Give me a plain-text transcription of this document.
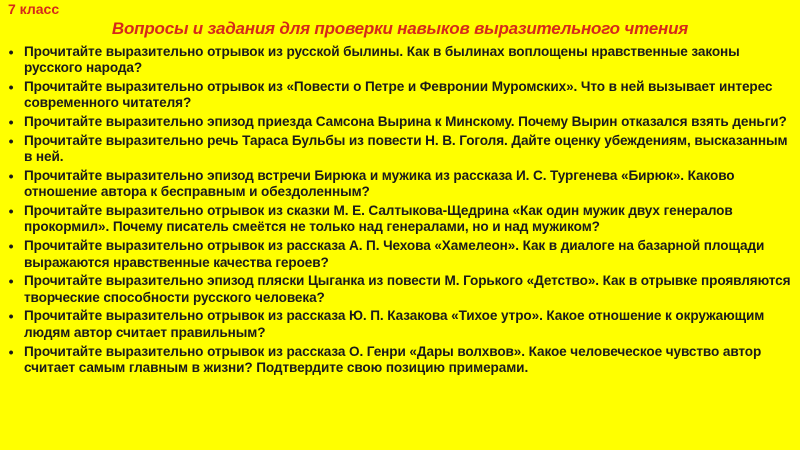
7 класс
Вопросы и задания для проверки навыков выразительного чтения
• Прочитайте выразительно отрывок из русской былины. Как в былинах воплощены нравственные законы русского народа?
• Прочитайте выразительно отрывок из «Повести о Петре и Февронии Муромских». Что в ней вызывает интерес современного читателя?
• Прочитайте выразительно эпизод приезда Самсона Вырина к Минскому. Почему Вырин отказался взять деньги?
• Прочитайте выразительно речь Тараса Бульбы из повести Н. В. Гоголя. Дайте оценку убеждениям, высказанным в ней.
• Прочитайте выразительно эпизод встречи Бирюка и мужика из рассказа И. С. Тургенева «Бирюк». Каково отношение автора к бесправным и обездоленным?
• Прочитайте выразительно отрывок из сказки М. Е. Салтыкова-Щедрина «Как один мужик двух генералов прокормил». Почему писатель смеётся не только над генералами, но и над мужиком?
• Прочитайте выразительно отрывок из рассказа А. П. Чехова «Хамелеон». Как в диалоге на базарной площади выражаются нравственные качества героев?
• Прочитайте выразительно эпизод пляски Цыганка из повести М. Горького «Детство». Как в отрывке проявляются творческие способности русского человека?
• Прочитайте выразительно отрывок из рассказа Ю. П. Казакова «Тихое утро». Какое отношение к окружающим людям автор считает правильным?
• Прочитайте выразительно отрывок из рассказа О. Генри «Дары волхвов». Какое человеческое чувство автор считает самым главным в жизни? Подтвердите свою позицию примерами.
